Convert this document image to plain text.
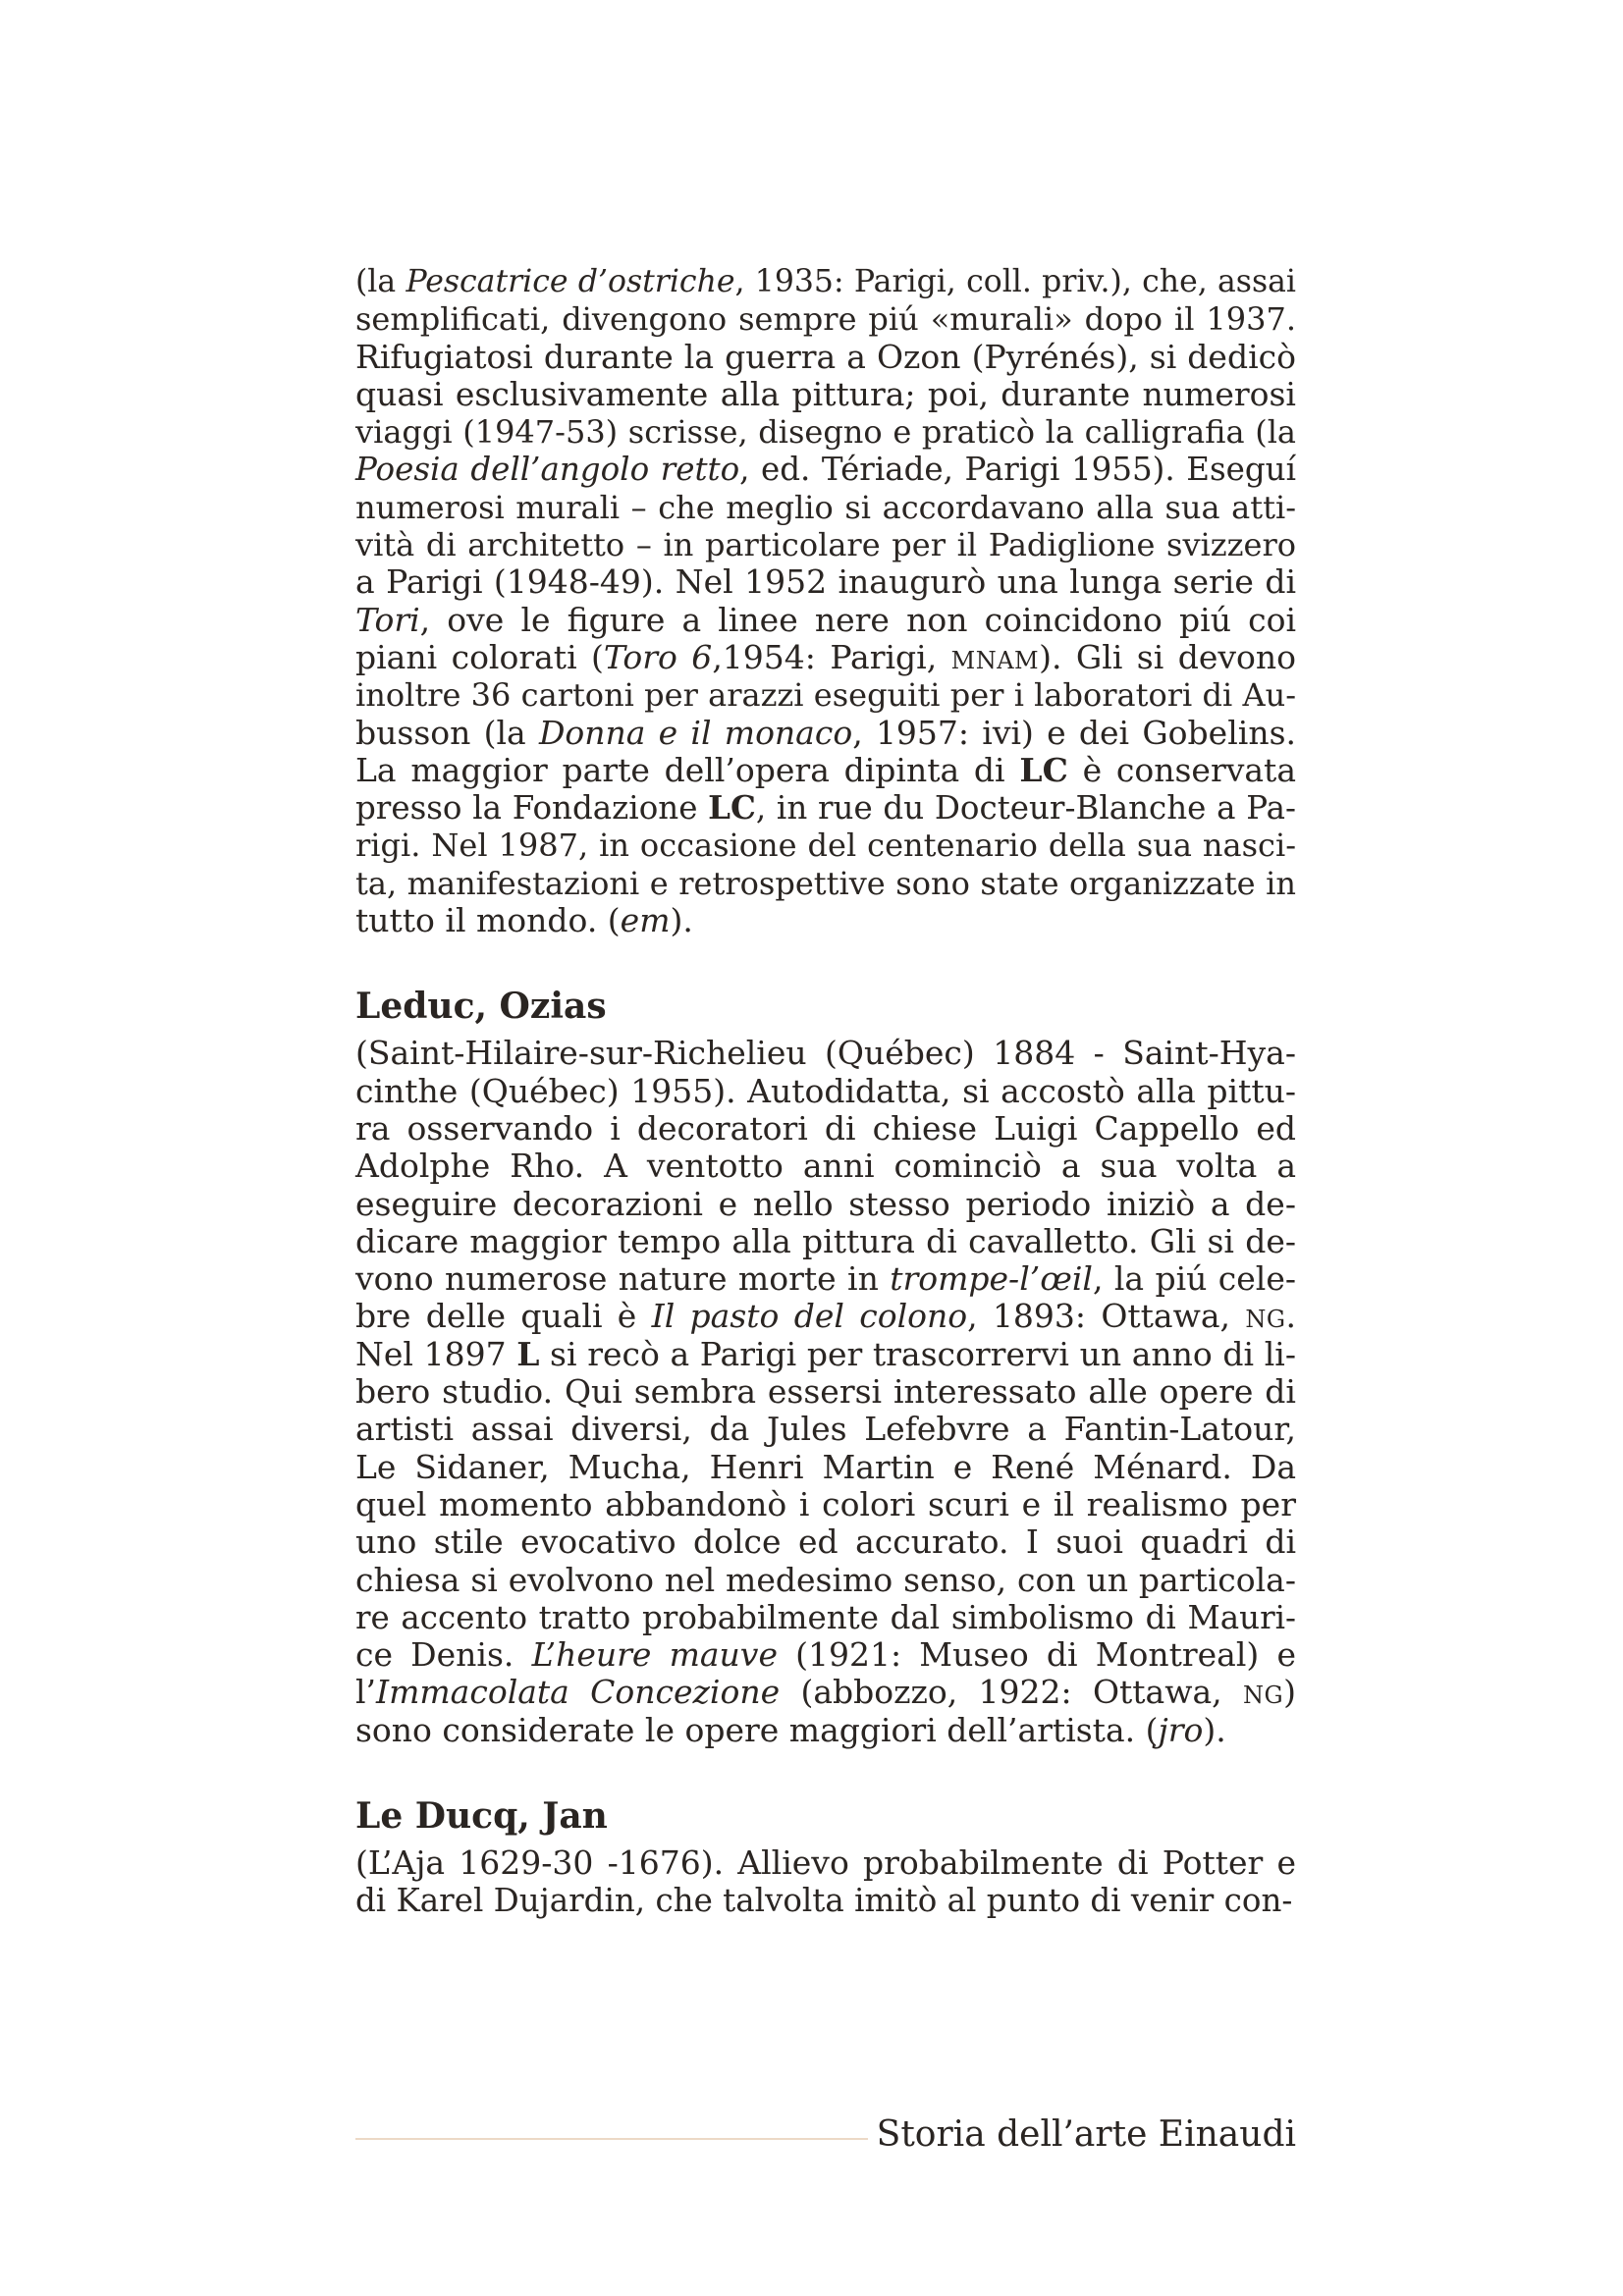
(la Pescatrice d’ostriche, 1935: Parigi, coll. priv.), che, assai
semplificati, divengono sempre piú «murali» dopo il 1937.
Rifugiatosi durante la guerra a Ozon (Pyrénés), si dedicò
quasi esclusivamente alla pittura; poi, durante numerosi
viaggi (1947-53) scrisse, disegno e praticò la calligrafia (la
Poesia dell’angolo retto, ed. Tériade, Parigi 1955). Eseguí
numerosi murali – che meglio si accordavano alla sua atti-
vità di architetto – in particolare per il Padiglione svizzero
a Parigi (1948-49). Nel 1952 inaugurò una lunga serie di
Tori, ove le figure a linee nere non coincidono piú coi
piani colorati (Toro 6,1954: Parigi, MNAM). Gli si devono
inoltre 36 cartoni per arazzi eseguiti per i laboratori di Au-
busson (la Donna e il monaco, 1957: ivi) e dei Gobelins.
La maggior parte dell’opera dipinta di LC è conservata
presso la Fondazione LC, in rue du Docteur-Blanche a Pa-
rigi. Nel 1987, in occasione del centenario della sua nasci-
ta, manifestazioni e retrospettive sono state organizzate in
tutto il mondo. (em).
Leduc, Ozias
(Saint-Hilaire-sur-Richelieu (Québec) 1884 - Saint-Hya-
cinthe (Québec) 1955). Autodidatta, si accostò alla pittu-
ra osservando i decoratori di chiese Luigi Cappello ed
Adolphe Rho. A ventotto anni cominciò a sua volta a
eseguire decorazioni e nello stesso periodo iniziò a de-
dicare maggior tempo alla pittura di cavalletto. Gli si de-
vono numerose nature morte in trompe-l’œil, la piú cele-
bre delle quali è Il pasto del colono, 1893: Ottawa, NG.
Nel 1897 L si recò a Parigi per trascorrervi un anno di li-
bero studio. Qui sembra essersi interessato alle opere di
artisti assai diversi, da Jules Lefebvre a Fantin-Latour,
Le Sidaner, Mucha, Henri Martin e René Ménard. Da
quel momento abbandonò i colori scuri e il realismo per
uno stile evocativo dolce ed accurato. I suoi quadri di
chiesa si evolvono nel medesimo senso, con un particola-
re accento tratto probabilmente dal simbolismo di Mauri-
ce Denis. L’heure mauve (1921: Museo di Montreal) e
l’Immacolata Concezione (abbozzo, 1922: Ottawa, NG)
sono considerate le opere maggiori dell’artista. (jro).
Le Ducq, Jan
(L’Aja 1629-30 -1676). Allievo probabilmente di Potter e
di Karel Dujardin, che talvolta imitò al punto di venir con-
Storia dell’arte Einaudi
